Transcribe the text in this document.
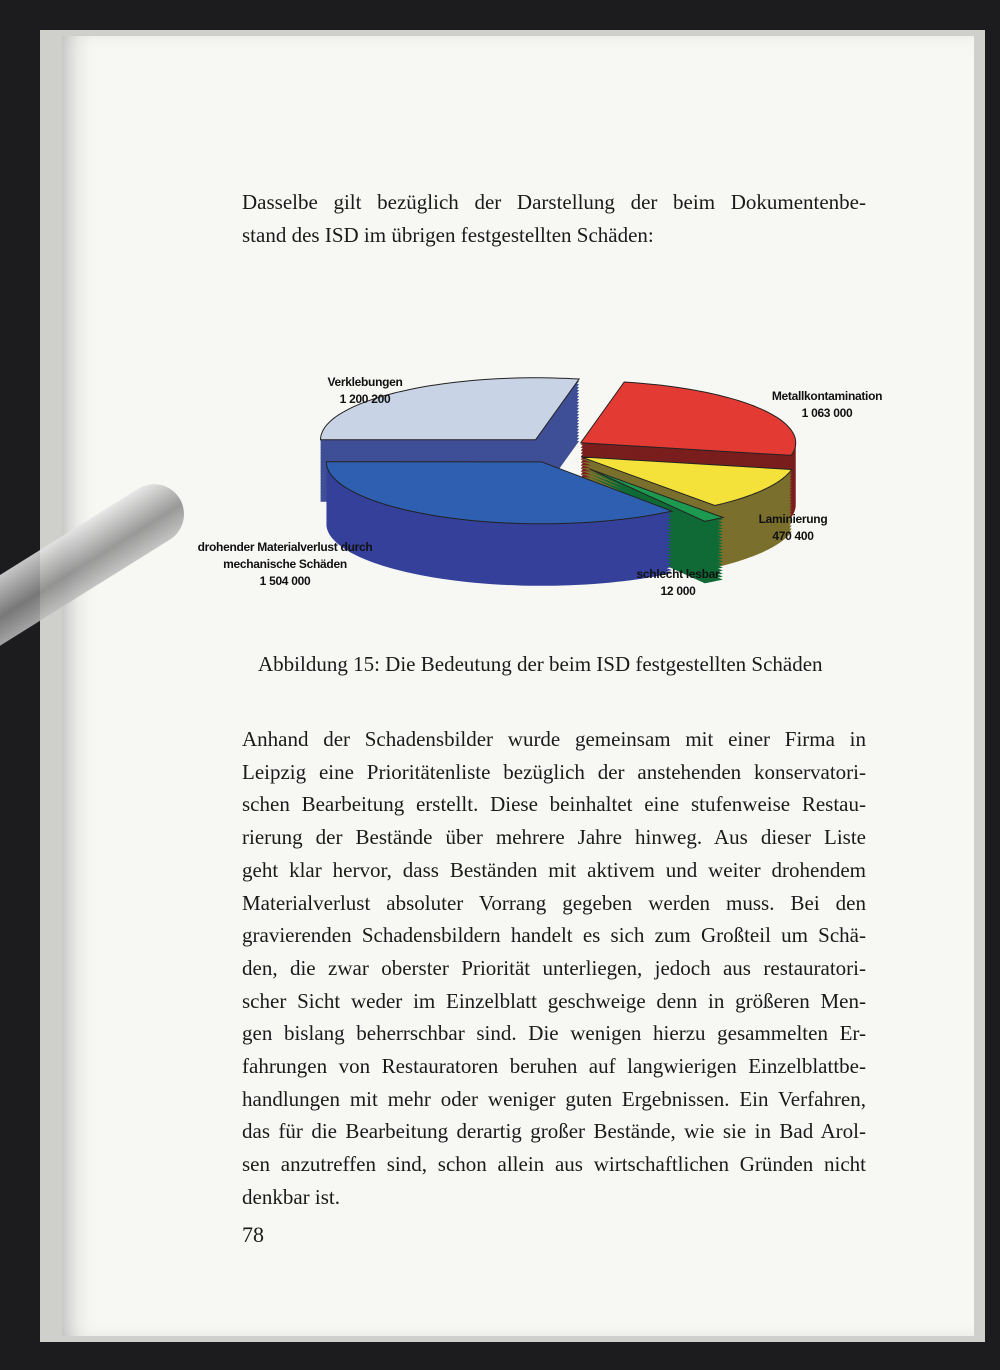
Dasselbe gilt bezüglich der Darstellung der beim Dokumentenbe-
stand des ISD im übrigen festgestellten Schäden:
Verklebungen
1 200 200	Metallkontamination
1 063 000
Laminierung
470 400
schlecht lesbar
12 000
drohender Materialverlust durch
mechanische Schäden
1 504 000
Abbildung 15: Die Bedeutung der beim ISD festgestellten Schäden
Anhand der Schadensbilder wurde gemeinsam mit einer Firma in
Leipzig eine Prioritätenliste bezüglich der anstehenden konservatori-
schen Bearbeitung erstellt. Diese beinhaltet eine stufenweise Restau-
rierung der Bestände über mehrere Jahre hinweg. Aus dieser Liste
geht klar hervor, dass Beständen mit aktivem und weiter drohendem
Materialverlust absoluter Vorrang gegeben werden muss. Bei den
gravierenden Schadensbildern handelt es sich zum Großteil um Schä-
den, die zwar oberster Priorität unterliegen, jedoch aus restauratori-
scher Sicht weder im Einzelblatt geschweige denn in größeren Men-
gen bislang beherrschbar sind. Die wenigen hierzu gesammelten Er-
fahrungen von Restauratoren beruhen auf langwierigen Einzelblattbe-
handlungen mit mehr oder weniger guten Ergebnissen. Ein Verfahren,
das für die Bearbeitung derartig großer Bestände, wie sie in Bad Arol-
sen anzutreffen sind, schon allein aus wirtschaftlichen Gründen nicht
denkbar ist.
78
